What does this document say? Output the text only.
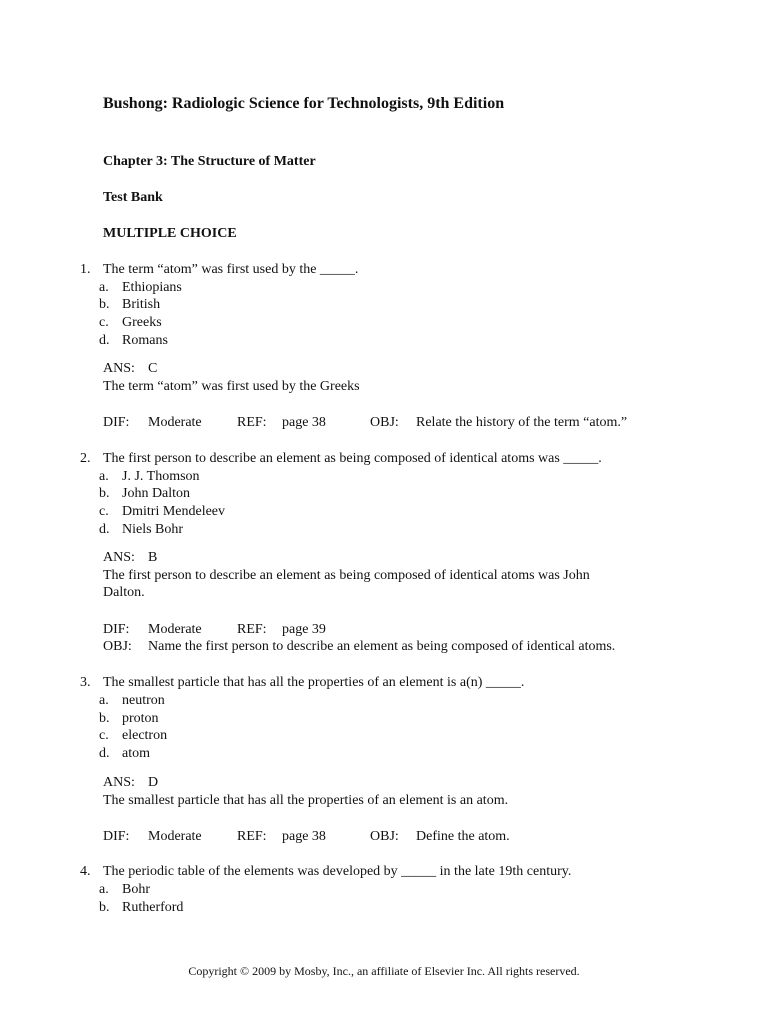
Bushong: Radiologic Science for Technologists, 9th Edition
Chapter 3: The Structure of Matter
Test Bank
MULTIPLE CHOICE
1. The term “atom” was first used by the _____.
a. Ethiopians
b. British
c. Greeks
d. Romans
ANS: C
The term “atom” was first used by the Greeks
DIF: Moderate	REF: page 38	OBJ: Relate the history of the term “atom.”
2. The first person to describe an element as being composed of identical atoms was _____.
a. J. J. Thomson
b. John Dalton
c. Dmitri Mendeleev
d. Niels Bohr
ANS: B
The first person to describe an element as being composed of identical atoms was John
Dalton.
DIF: Moderate	REF: page 39
OBJ: Name the first person to describe an element as being composed of identical atoms.
3. The smallest particle that has all the properties of an element is a(n) _____.
a. neutron
b. proton
c. electron
d. atom
ANS: D
The smallest particle that has all the properties of an element is an atom.
DIF: Moderate	REF: page 38	OBJ: Define the atom.
4. The periodic table of the elements was developed by _____ in the late 19th century.
a. Bohr
b. Rutherford
Copyright © 2009 by Mosby, Inc., an affiliate of Elsevier Inc. All rights reserved.
